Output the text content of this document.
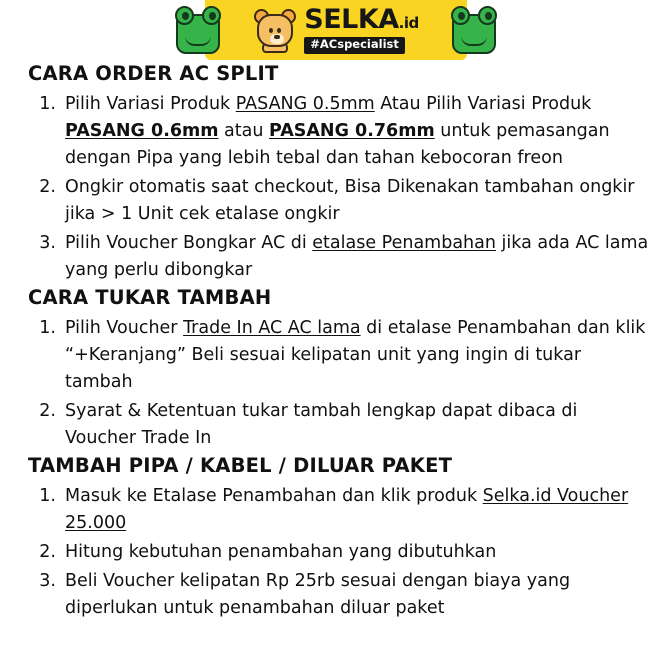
SELKA.id
#ACspecialist
CARA ORDER AC SPLIT
1. Pilih Variasi Produk PASANG 0.5mm Atau Pilih Variasi Produk PASANG 0.6mm atau PASANG 0.76mm untuk pemasangan dengan Pipa yang lebih tebal dan tahan kebocoran freon
2. Ongkir otomatis saat checkout, Bisa Dikenakan tambahan ongkir jika > 1 Unit cek etalase ongkir
3. Pilih Voucher Bongkar AC di etalase Penambahan jika ada AC lama yang perlu dibongkar
CARA TUKAR TAMBAH
1. Pilih Voucher Trade In AC AC lama di etalase Penambahan dan klik “+Keranjang” Beli sesuai kelipatan unit yang ingin di tukar tambah
2. Syarat & Ketentuan tukar tambah lengkap dapat dibaca di Voucher Trade In
TAMBAH PIPA / KABEL / DILUAR PAKET
1. Masuk ke Etalase Penambahan dan klik produk Selka.id Voucher 25.000
2. Hitung kebutuhan penambahan yang dibutuhkan
3. Beli Voucher kelipatan Rp 25rb sesuai dengan biaya yang diperlukan untuk penambahan diluar paket
